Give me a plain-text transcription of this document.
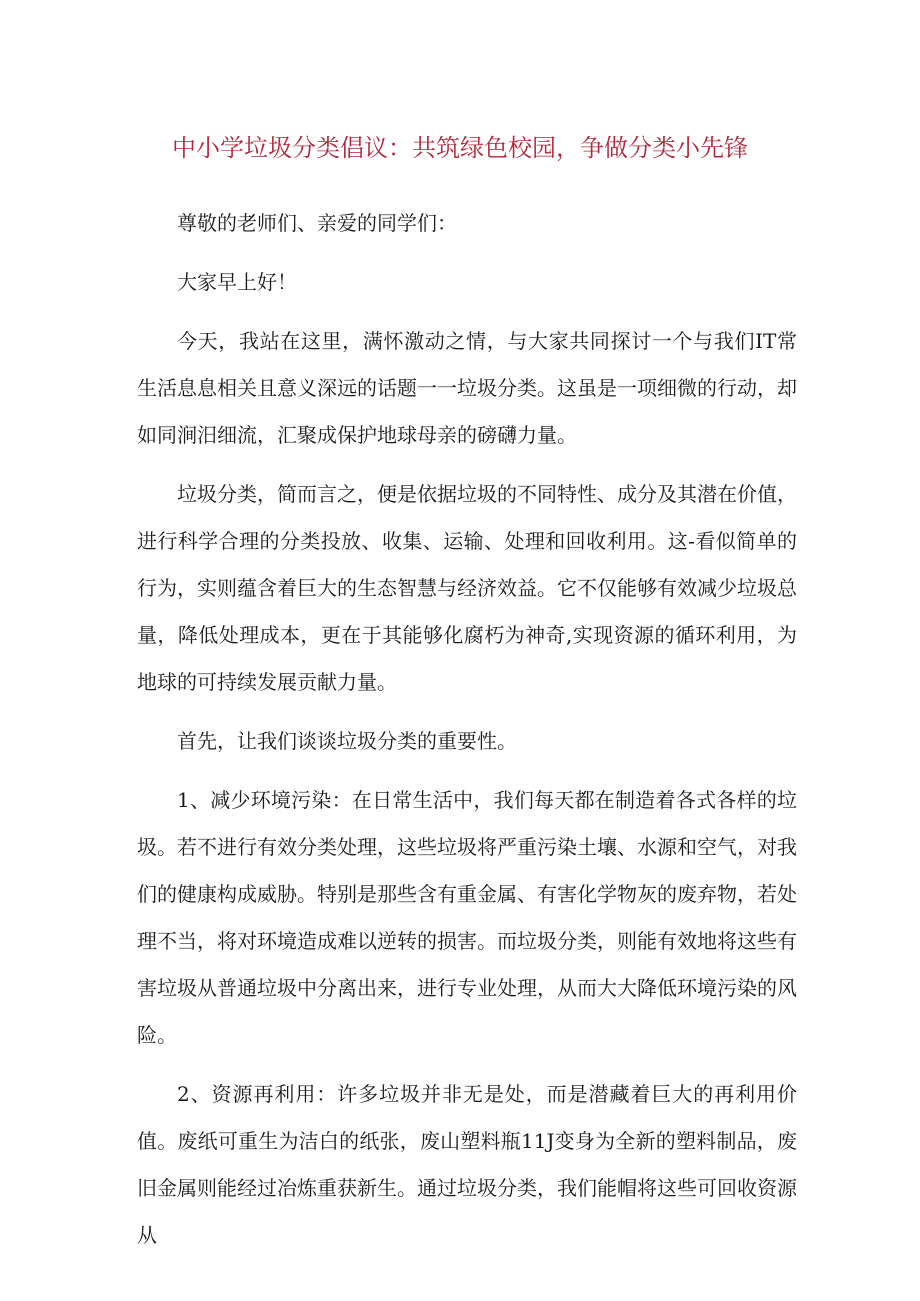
中小学垃圾分类倡议：共筑绿色校园，争做分类小先锋

尊敬的老师们、亲爱的同学们：

大家早上好！

今天，我站在这里，满怀激动之情，与大家共同探讨一个与我们IT常生活息息相关且意义深远的话题一一垃圾分类。这虽是一项细微的行动，却如同涧汨细流，汇聚成保护地球母亲的磅礴力量。

垃圾分类，简而言之，便是依据垃圾的不同特性、成分及其潜在价值，进行科学合理的分类投放、收集、运输、处理和回收利用。这-看似简单的行为，实则蕴含着巨大的生态智慧与经济效益。它不仅能够有效减少垃圾总量，降低处理成本，更在于其能够化腐朽为神奇,实现资源的循环利用，为地球的可持续发展贡献力量。

首先，让我们谈谈垃圾分类的重要性。

1、减少环境污染：在日常生活中，我们每天都在制造着各式各样的垃圾。若不进行有效分类处理，这些垃圾将严重污染土壤、水源和空气，对我们的健康构成威胁。特别是那些含有重金属、有害化学物灰的废弃物，若处理不当，将对环境造成难以逆转的损害。而垃圾分类，则能有效地将这些有害垃圾从普通垃圾中分离出来，进行专业处理，从而大大降低环境污染的风险。

2、资源再利用：许多垃圾并非无是处，而是潜藏着巨大的再利用价值。废纸可重生为洁白的纸张，废山塑料瓶11J变身为全新的塑料制品，废旧金属则能经过冶炼重获新生。通过垃圾分类，我们能帽将这些可回收资源从
